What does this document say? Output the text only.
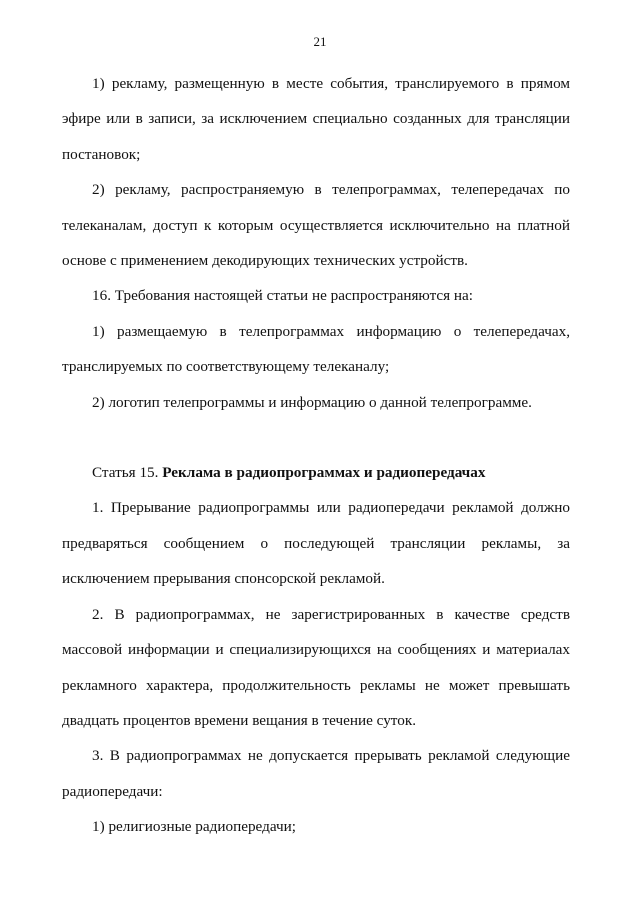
21

1) рекламу, размещенную в месте события, транслируемого в прямом эфире или в записи, за исключением специально созданных для трансляции постановок;

2) рекламу, распространяемую в телепрограммах, телепередачах по телеканалам, доступ к которым осуществляется исключительно на платной основе с применением декодирующих технических устройств.

16. Требования настоящей статьи не распространяются на:

1) размещаемую в телепрограммах информацию о телепередачах, транслируемых по соответствующему телеканалу;

2) логотип телепрограммы и информацию о данной телепрограмме.

Статья 15. Реклама в радиопрограммах и радиопередачах

1. Прерывание радиопрограммы или радиопередачи рекламой должно предваряться сообщением о последующей трансляции рекламы, за исключением прерывания спонсорской рекламой.

2. В радиопрограммах, не зарегистрированных в качестве средств массовой информации и специализирующихся на сообщениях и материалах рекламного характера, продолжительность рекламы не может превышать двадцать процентов времени вещания в течение суток.

3. В радиопрограммах не допускается прерывать рекламой следующие радиопередачи:

1) религиозные радиопередачи;
